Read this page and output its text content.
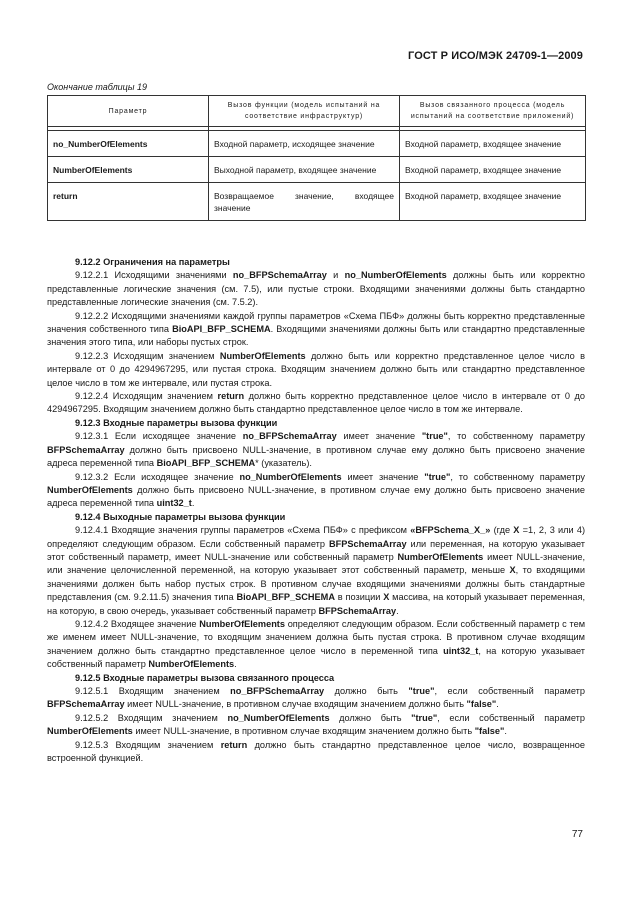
ГОСТ Р ИСО/МЭК 24709-1—2009
Окончание таблицы 19
Параметр	Вызов функции (модель испытаний на соответствие инфраструктур)	Вызов связанного процесса (модель испытаний на соответствие приложений)

no_NumberOfElements	Входной параметр, исходящее значение	Входной параметр, входящее значение
NumberOfElements	Выходной параметр, входящее значение	Входной параметр, входящее значение
return	Возвращаемое значение, входящее значение	Входной параметр, входящее значение

9.12.2 Ограничения на параметры

9.12.2.1 Исходящими значениями no_BFPSchemaArray и no_NumberOfElements должны быть или корректно представленные логические значения (см. 7.5), или пустые строки. Входящими значениями должны быть стандартно представленные логические значения (см. 7.5.2).

9.12.2.2 Исходящими значениями каждой группы параметров «Схема ПБФ» должны быть корректно представленные значения собственного типа BioAPI_BFP_SCHEMA. Входящими значениями должны быть или стандартно представленные значения этого типа, или наборы пустых строк.

9.12.2.3 Исходящим значением NumberOfElements должно быть или корректно представленное целое число в интервале от 0 до 4294967295, или пустая строка. Входящим значением должно быть или стандартно представленное целое число в том же интервале, или пустая строка.

9.12.2.4 Исходящим значением return должно быть корректно представленное целое число в интервале от 0 до 4294967295. Входящим значением должно быть стандартно представленное целое число в том же интервале.

9.12.3 Входные параметры вызова функции

9.12.3.1 Если исходящее значение no_BFPSchemaArray имеет значение "true", то собственному параметру BFPSchemaArray должно быть присвоено NULL-значение, в противном случае ему должно быть присвоено значение адреса переменной типа BioAPI_BFP_SCHEMA* (указатель).

9.12.3.2 Если исходящее значение no_NumberOfElements имеет значение "true", то собственному параметру NumberOfElements должно быть присвоено NULL-значение, в противном случае ему должно быть присвоено значение адреса переменной типа uint32_t.

9.12.4 Выходные параметры вызова функции

9.12.4.1 Входящие значения группы параметров «Схема ПБФ» с префиксом «BFPSchema_X_» (где X =1, 2, 3 или 4) определяют следующим образом. Если собственный параметр BFPSchemaArray или переменная, на которую указывает этот собственный параметр, имеет NULL-значение или собственный параметр NumberOfElements имеет NULL-значение, или значение целочисленной переменной, на которую указывает этот собственный параметр, меньше X, то входящими значениями должен быть набор пустых строк. В противном случае входящими значениями должны быть стандартные представления (см. 9.2.11.5) значения типа BioAPI_BFP_SCHEMA в позиции X массива, на который указывает переменная, на которую, в свою очередь, указывает собственный параметр BFPSchemaArray.

9.12.4.2 Входящее значение NumberOfElements определяют следующим образом. Если собственный параметр с тем же именем имеет NULL-значение, то входящим значением должна быть пустая строка. В противном случае входящим значением должно быть стандартно представленное целое число в переменной типа uint32_t, на которую указывает собственный параметр NumberOfElements.

9.12.5 Входные параметры вызова связанного процесса

9.12.5.1 Входящим значением no_BFPSchemaArray должно быть "true", если собственный параметр BFPSchemaArray имеет NULL-значение, в противном случае входящим значением должно быть "false".

9.12.5.2 Входящим значением no_NumberOfElements должно быть "true", если собственный параметр NumberOfElements имеет NULL-значение, в противном случае входящим значением должно быть "false".

9.12.5.3 Входящим значением return должно быть стандартно представленное целое число, возвращенное встроенной функцией.

77
